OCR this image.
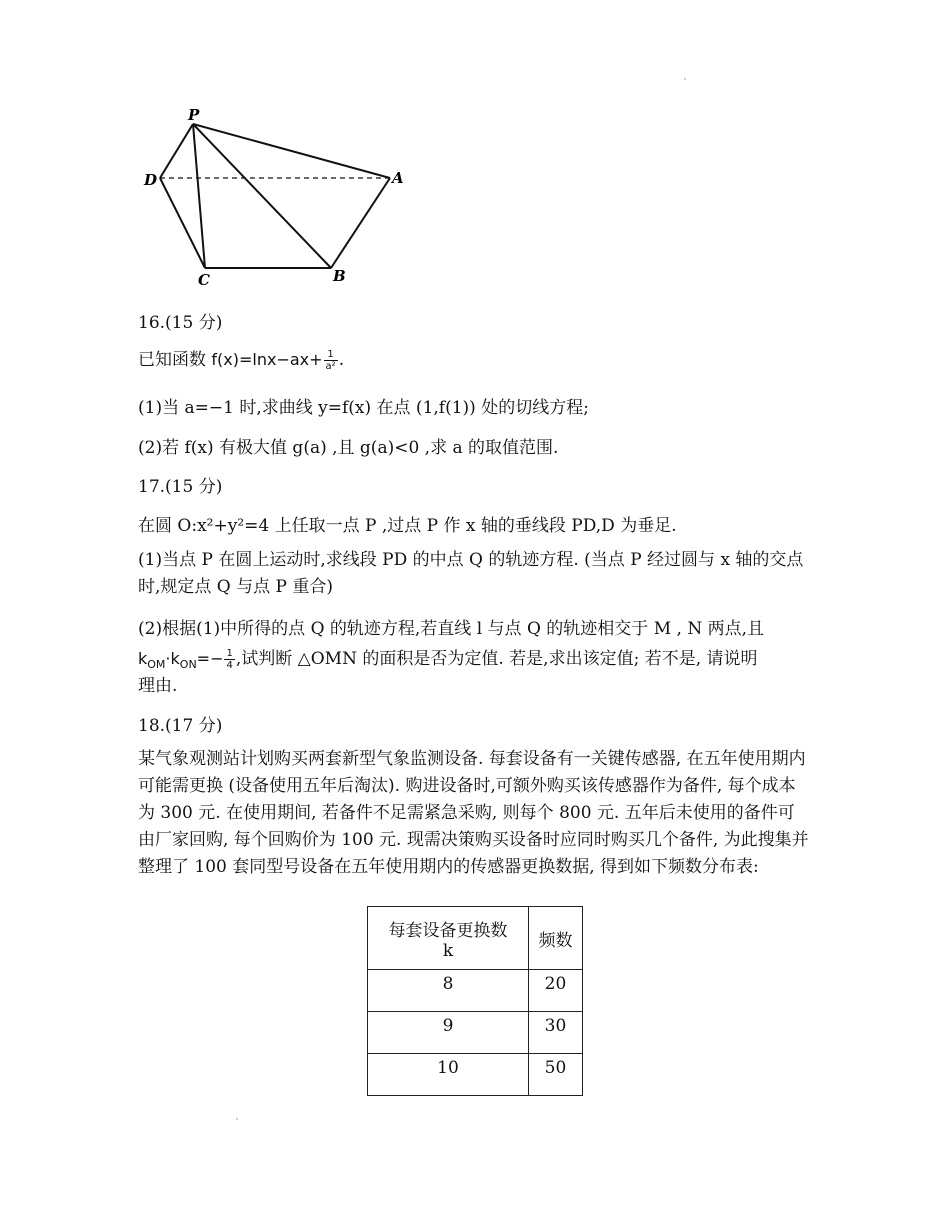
P
D	A
C	B
16.(15 分)
已知函数 $f(x)=\ln x-ax+ \frac{1}{\text{a²}}$ .
(1)当 a=−1 时,求曲线 y=f(x) 在点 (1,f(1)) 处的切线方程;
(2)若 f(x) 有极大值 g(a) ,且 g(a)<0 ,求 a 的取值范围.
17.(15 分)
在圆 O:x²+y²=4 上任取一点 P ,过点 P 作 x 轴的垂线段 PD,D 为垂足.
(1)当点 P 在圆上运动时,求线段 PD 的中点 Q 的轨迹方程. (当点 P 经过圆与 x 轴的交点时,规定点 Q 与点 P 重合)
(2)根据(1)中所得的点 Q 的轨迹方程,若直线 l 与点 Q 的轨迹相交于 M , N 两点,且
$k_{OM}\cdot k_{ON}=- \frac{1}{4}$ ,试判断 △OMN 的面积是否为定值. 若是,求出该定值; 若不是, 请说明
理由.
18.(17 分)
某气象观测站计划购买两套新型气象监测设备. 每套设备有一关键传感器, 在五年使用期内可能需更换 (设备使用五年后淘汰). 购进设备时,可额外购买该传感器作为备件, 每个成本为 300 元. 在使用期间, 若备件不足需紧急采购, 则每个 800 元. 五年后未使用的备件可由厂家回购, 每个回购价为 100 元. 现需决策购买设备时应同时购买几个备件, 为此搜集并整理了 100 套同型号设备在五年使用期内的传感器更换数据, 得到如下频数分布表:
每套设备更换数
k	频数
8	20
9	30
10	50
